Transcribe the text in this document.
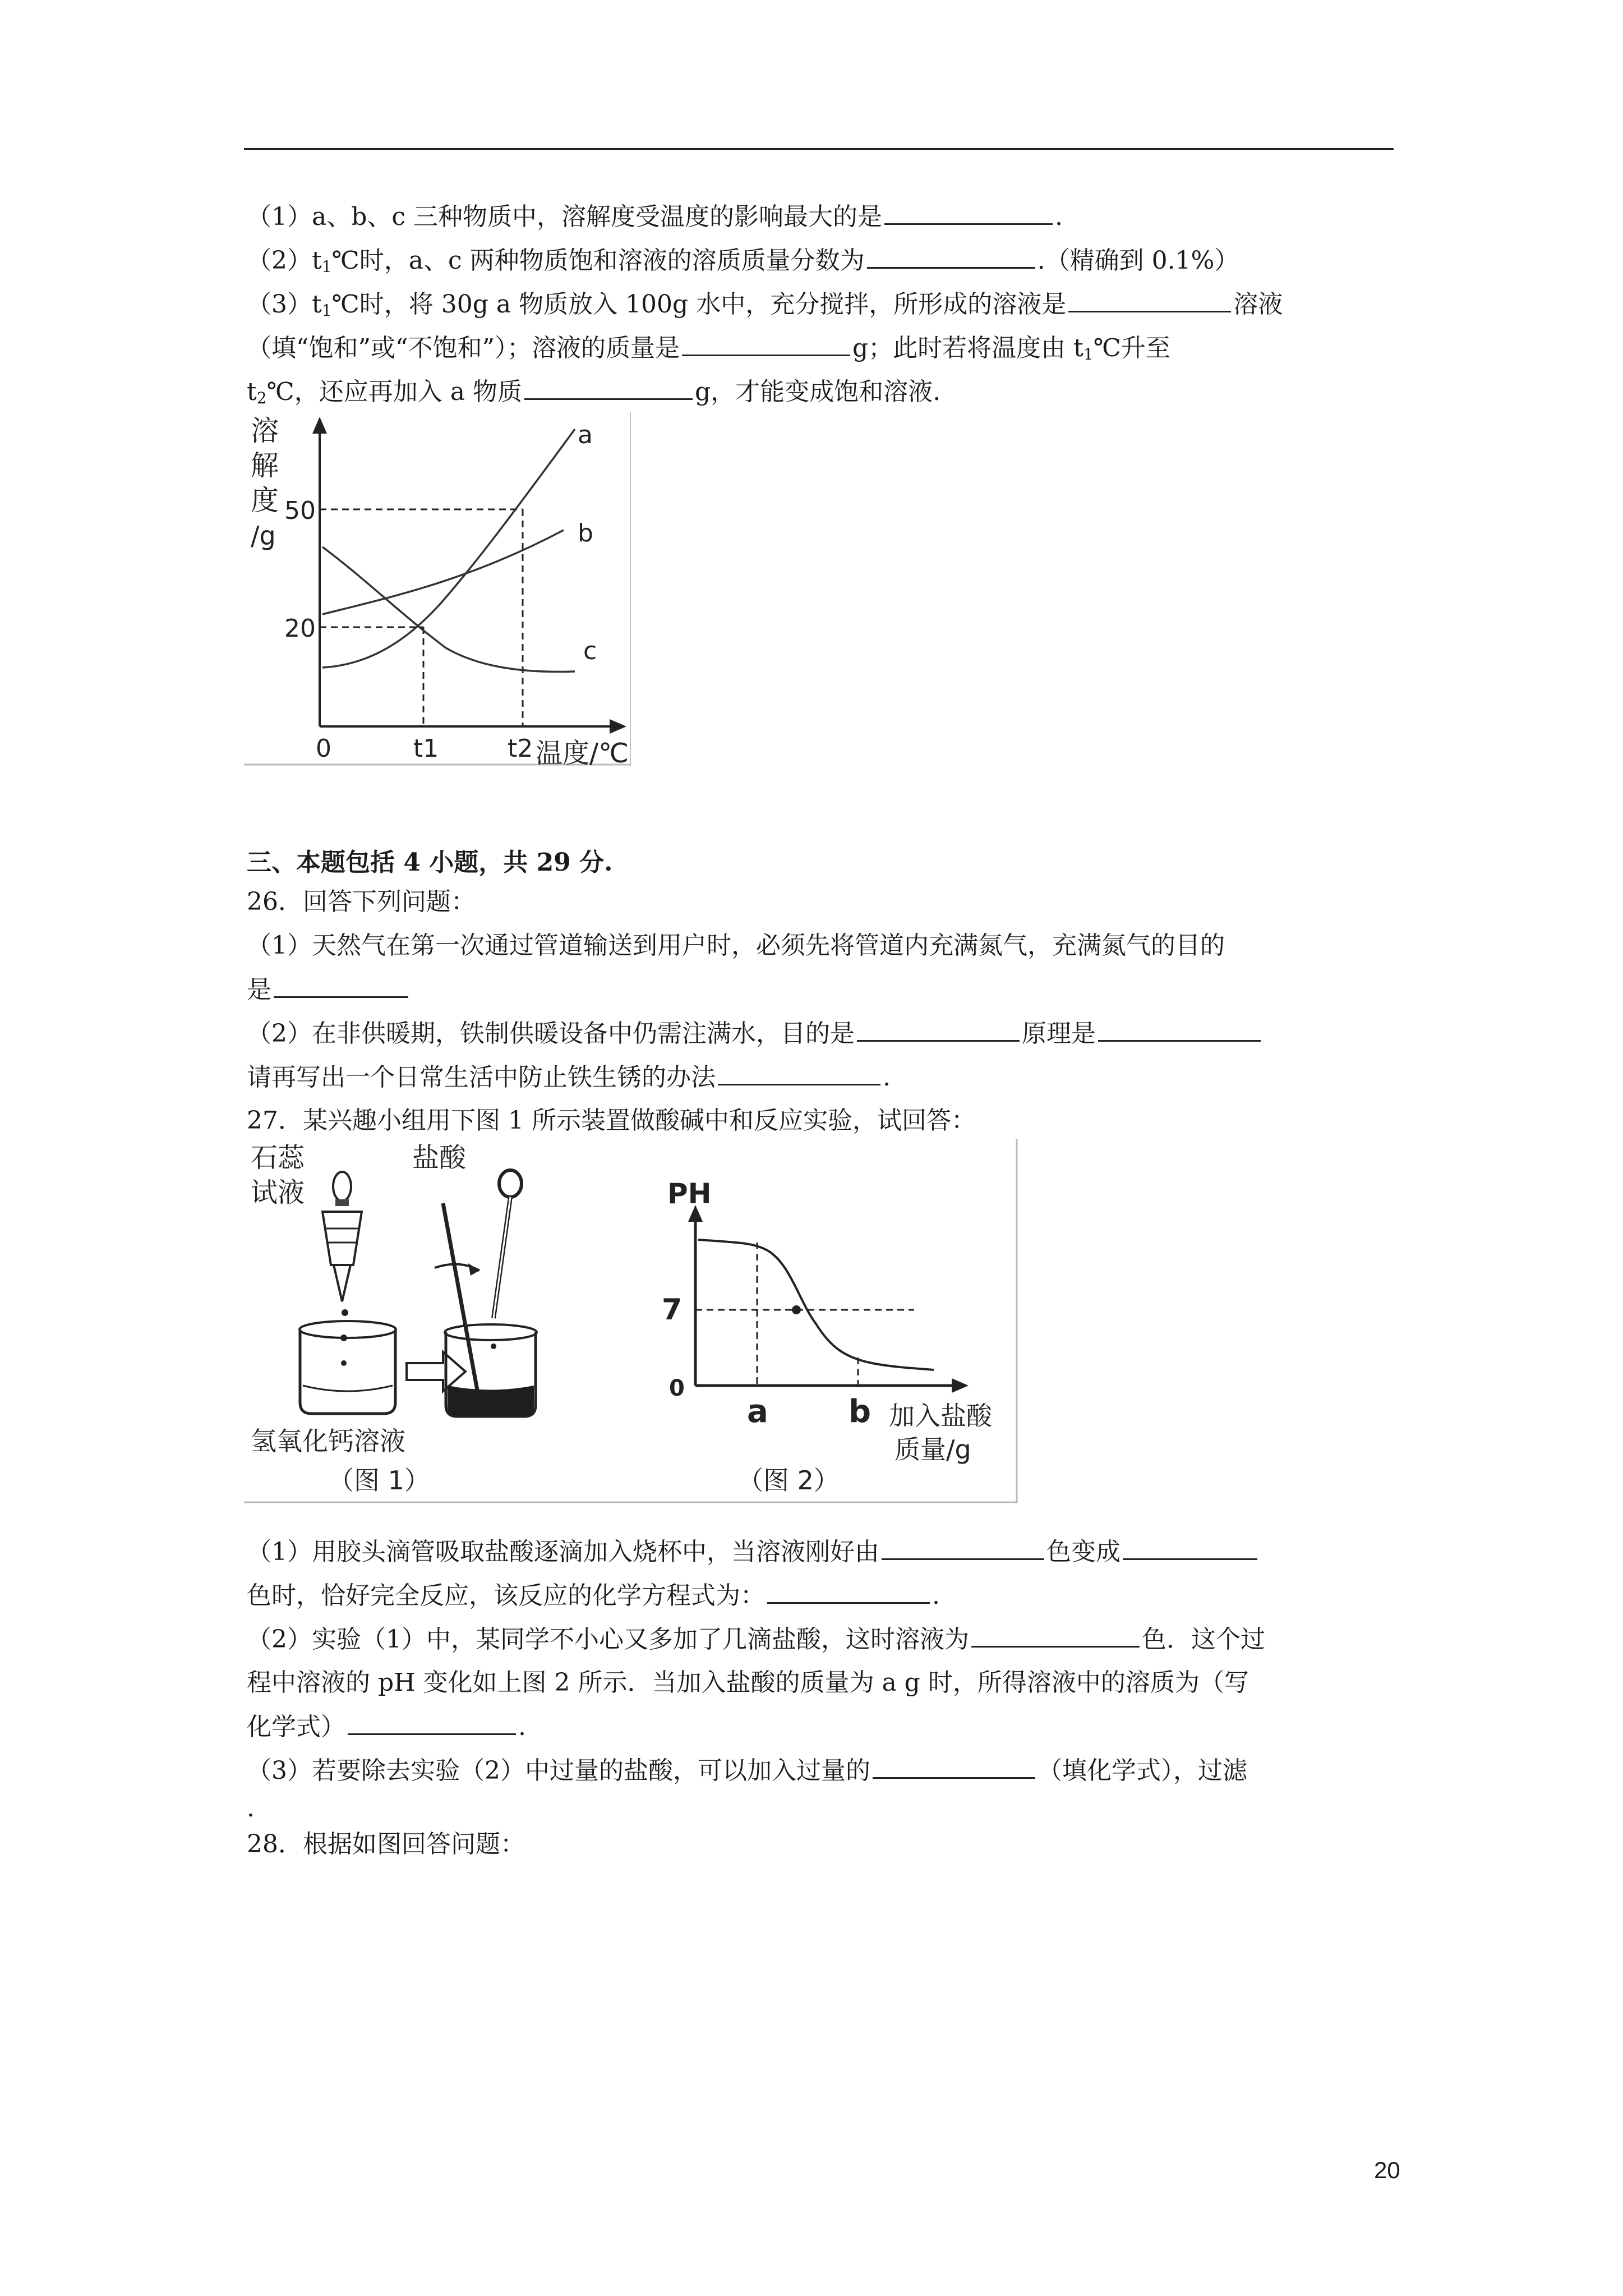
（1）a、b、c 三种物质中，溶解度受温度的影响最大的是	.
$(2)t_1℃$时，a、c 两种物质饱和溶液的溶质质量分数为	.（精确到 0.1%）
$(3)t_1℃$时，将 30g a 物质放入 100g 水中，充分搅拌，所形成的溶液是	溶液
（填“饱和”或“不饱和”）；溶液的质量是	g；此时若将温度由 $t_1℃$升至
$t_2℃$，还应再加入 a 物质	g，才能变成饱和溶液.
溶
解
度
/g
50
20
0	t1	t2 温度/℃
a
b
c
三、本题包括 4 小题，共 29 分.
26．回答下列问题：
（1）天然气在第一次通过管道输送到用户时，必须先将管道内充满氮气，充满氮气的目的
是
（2）在非供暖期，铁制供暖设备中仍需注满水，目的是	原理是
请再写出一个日常生活中防止铁生锈的办法	.
27．某兴趣小组用下图 1 所示装置做酸碱中和反应实验，试回答：
石蕊
试液
盐酸
氢氧化钙溶液
（图 1）
PH
7
0
a	b 加入盐酸
质量/g
（图 2）
（1）用胶头滴管吸取盐酸逐滴加入烧杯中，当溶液刚好由	色变成
色时，恰好完全反应，该反应的化学方程式为：	.
（2）实验（1）中，某同学不小心又多加了几滴盐酸，这时溶液为	色．这个过
程中溶液的 pH 变化如上图 2 所示．当加入盐酸的质量为 a g 时，所得溶液中的溶质为（写
化学式）	.
（3）若要除去实验（2）中过量的盐酸，可以加入过量的	（填化学式），过滤
.
28．根据如图回答问题：
20
